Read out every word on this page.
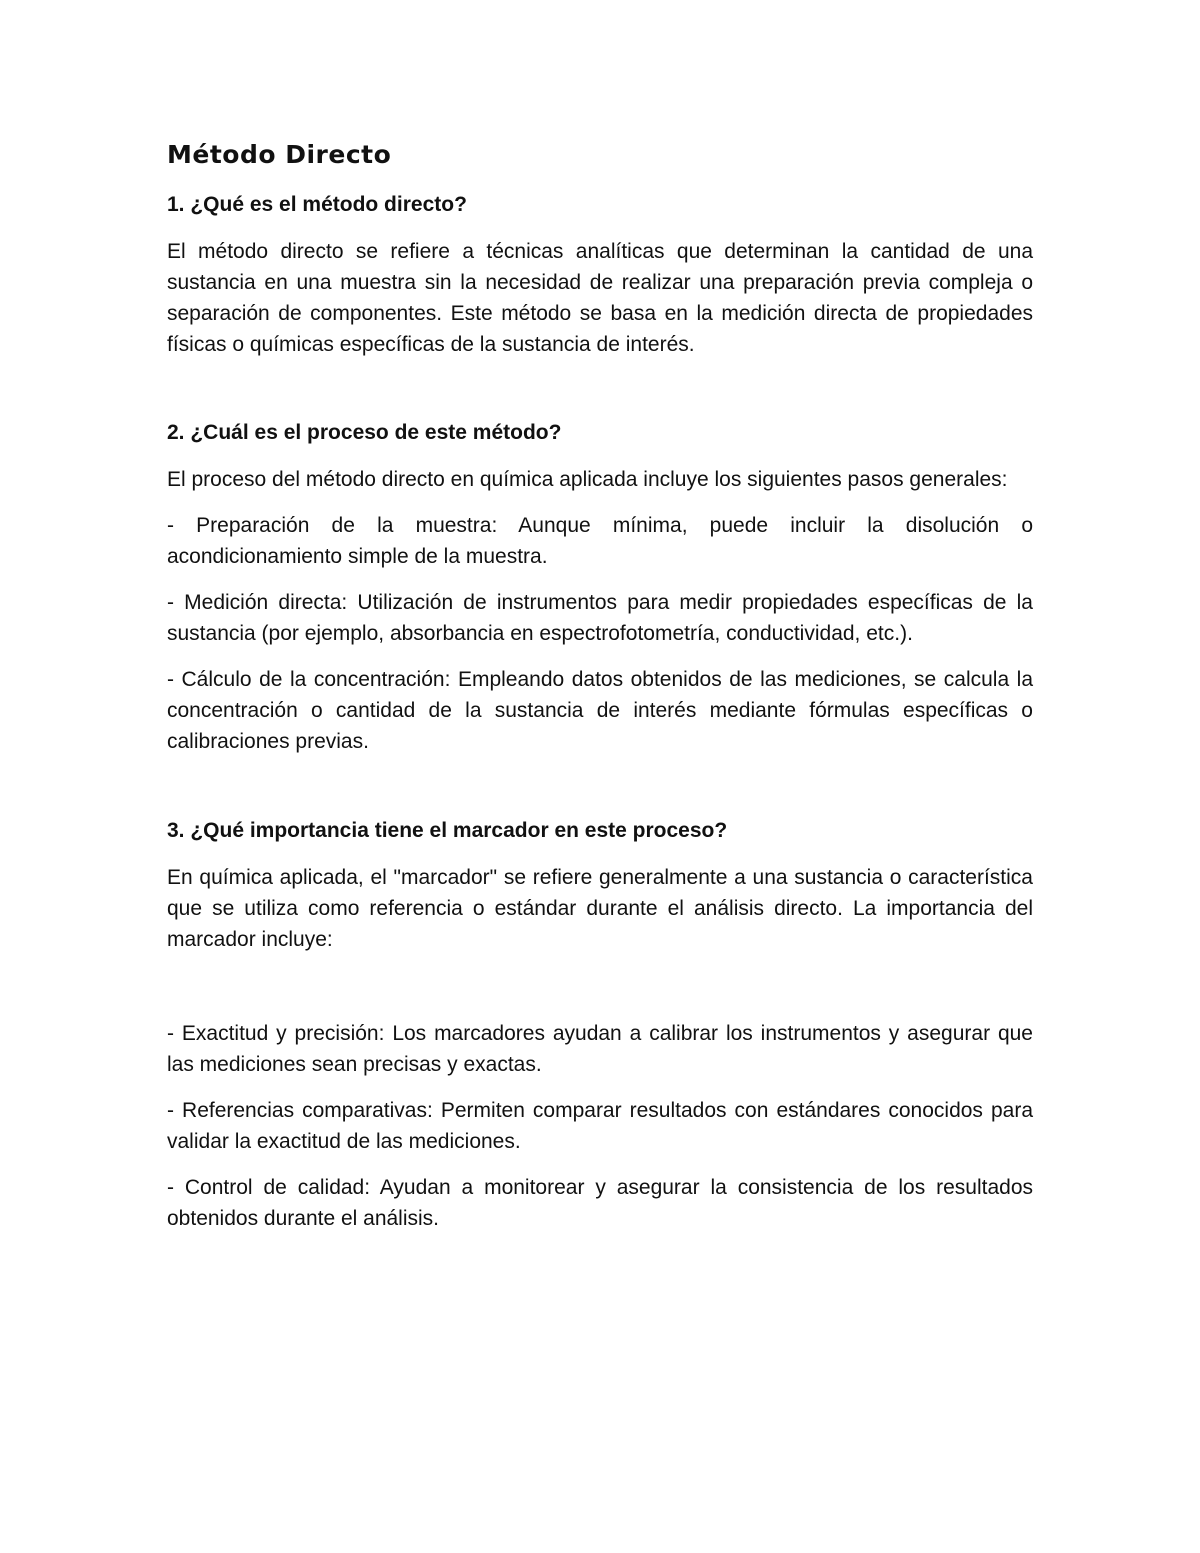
Método Directo
1. ¿Qué es el método directo?

El método directo se refiere a técnicas analíticas que determinan la cantidad de una sustancia en una muestra sin la necesidad de realizar una preparación previa compleja o separación de componentes. Este método se basa en la medición directa de propiedades físicas o químicas específicas de la sustancia de interés.

2. ¿Cuál es el proceso de este método?

El proceso del método directo en química aplicada incluye los siguientes pasos generales:

- Preparación de la muestra: Aunque mínima, puede incluir la disolución o acondicionamiento simple de la muestra.

- Medición directa: Utilización de instrumentos para medir propiedades específicas de la sustancia (por ejemplo, absorbancia en espectrofotometría, conductividad, etc.).

- Cálculo de la concentración: Empleando datos obtenidos de las mediciones, se calcula la concentración o cantidad de la sustancia de interés mediante fórmulas específicas o calibraciones previas.

3. ¿Qué importancia tiene el marcador en este proceso?

En química aplicada, el "marcador" se refiere generalmente a una sustancia o característica que se utiliza como referencia o estándar durante el análisis directo. La importancia del marcador incluye:

- Exactitud y precisión: Los marcadores ayudan a calibrar los instrumentos y asegurar que las mediciones sean precisas y exactas.

- Referencias comparativas: Permiten comparar resultados con estándares conocidos para validar la exactitud de las mediciones.

- Control de calidad: Ayudan a monitorear y asegurar la consistencia de los resultados obtenidos durante el análisis.
